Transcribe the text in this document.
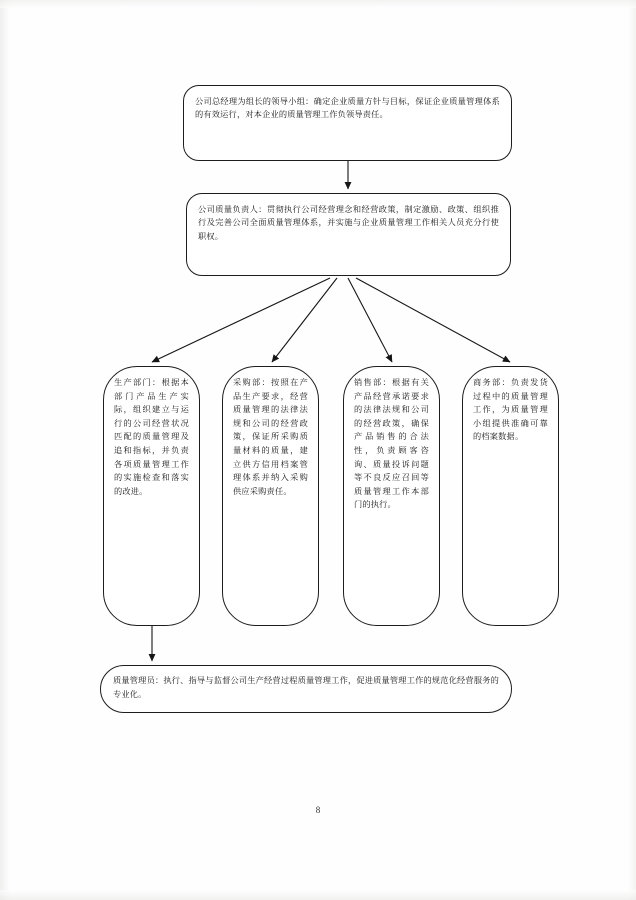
公司总经理为组长的领导小组：确定企业质量方针与目标，保证企业质量管理体系的有效运行，对本企业的质量管理工作负领导责任。
公司质量负责人：贯彻执行公司经营理念和经营政策，制定激励、政策、组织推行及完善公司全面质量管理体系，并实施与企业质量管理工作相关人员充分行使职权。
生产部门：根据本部门产品生产实际，组织建立与运行的公司经营状况匹配的质量管理及追和指标，并负责各项质量管理工作的实施检查和落实的改进。
采购部：按照在产品生产要求，经营质量管理的法律法规和公司的经营政策，保证所采购质量材料的质量，建立供方信用档案管理体系并纳入采购供应采购责任。
销售部：根据有关产品经营承诺要求的法律法规和公司的经营政策，确保产品销售的合法性，负责顾客咨询、质量投诉问题等不良反应召回等质量管理工作本部门的执行。
商务部：负责发货过程中的质量管理工作，为质量管理小组提供准确可靠的档案数据。
质量管理员：执行、指导与监督公司生产经营过程质量管理工作，促进质量管理工作的规范化经营服务的专业化。
8
